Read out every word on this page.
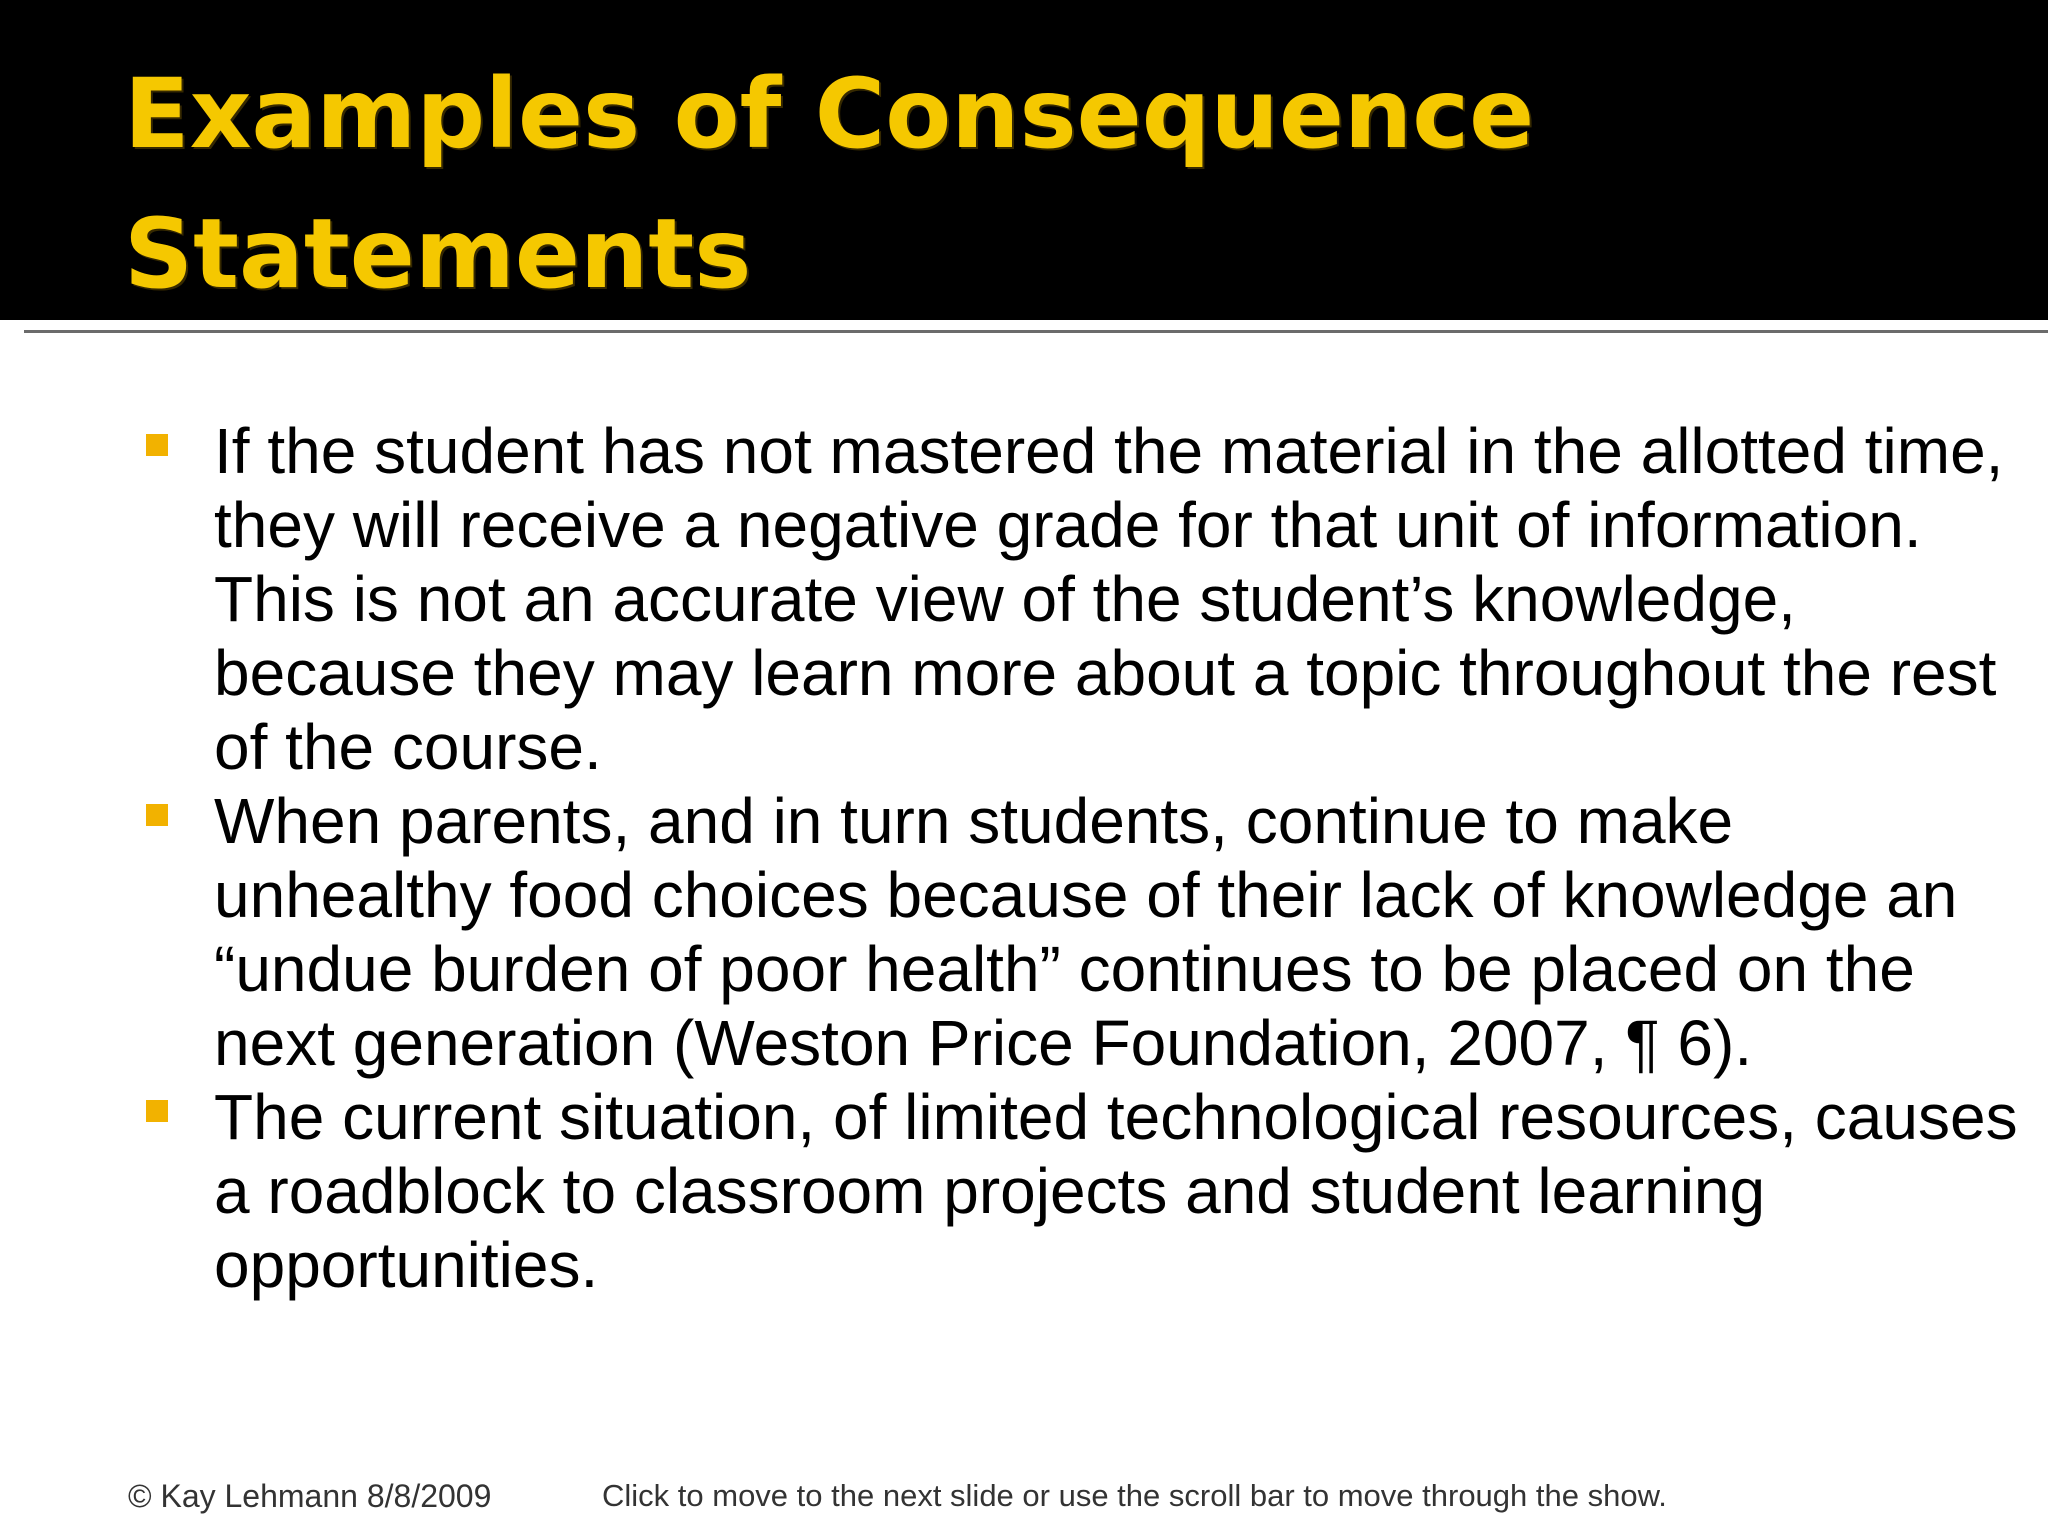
Examples of Consequence Statements
If the student has not mastered the material in the allotted time, they will receive a negative grade for that unit of information. This is not an accurate view of the student’s knowledge, because they may learn more about a topic throughout the rest of the course.
When parents, and in turn students, continue to make unhealthy food choices because of their lack of knowledge an “undue burden of poor health” continues to be placed on the next generation (Weston Price Foundation, 2007, ¶ 6).
The current situation, of limited technological resources, causes a roadblock to classroom projects and student learning opportunities.
© Kay Lehmann 8/8/2009	Click to move to the next slide or use the scroll bar to move through the show.
